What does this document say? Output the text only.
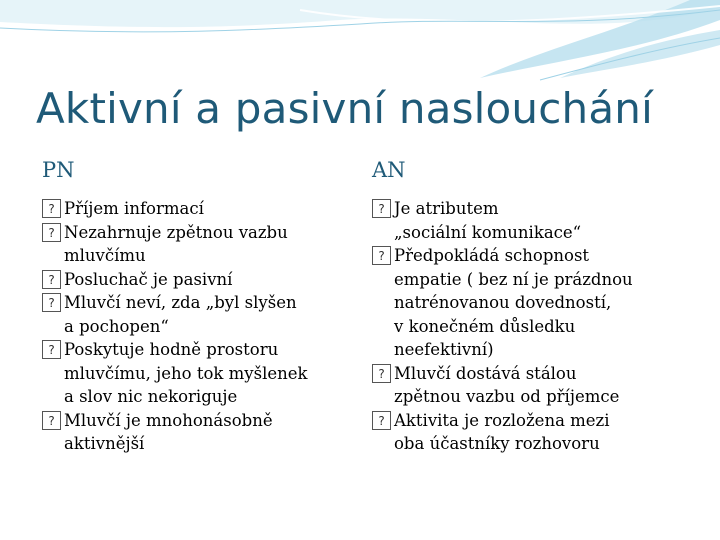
Aktivní a pasivní naslouchání
PN	AN
? Příjem informací
? Nezahrnuje zpětnou vazbu
mluvčímu
? Posluchač je pasivní
? Mluvčí neví, zda „byl slyšen
a pochopen“
? Poskytuje hodně prostoru
mluvčímu, jeho tok myšlenek
a slov nic nekoriguje
? Mluvčí je mnohonásobně
aktivnější
? Je atributem
„sociální komunikace“
? Předpokládá schopnost
empatie ( bez ní je prázdnou
natrénovanou dovedností,
v konečném důsledku
neefektivní)
? Mluvčí dostává stálou
zpětnou vazbu od příjemce
? Aktivita je rozložena mezi
oba účastníky rozhovoru
